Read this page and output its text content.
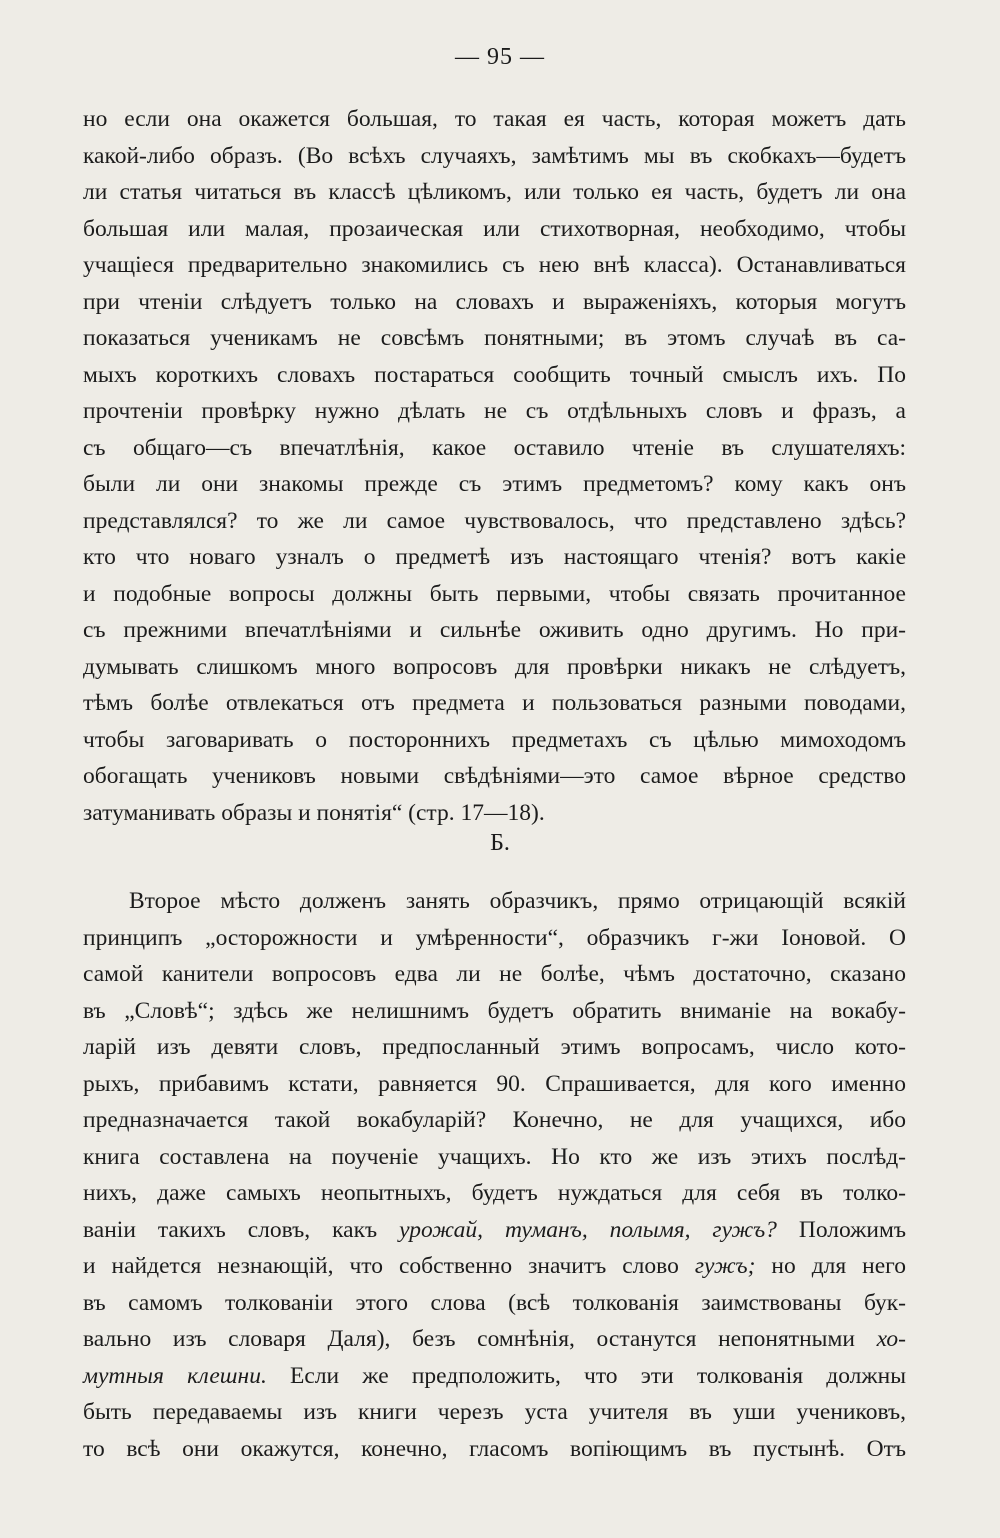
— 95 —
но если она окажется большая, то такая ея часть, которая можетъ дать
какой-либо образъ. (Во всѣхъ случаяхъ, замѣтимъ мы въ скобкахъ—будетъ
ли статья читаться въ классѣ цѣликомъ, или только ея часть, будетъ ли она
большая или малая, прозаическая или стихотворная, необходимо, чтобы
учащіеся предварительно знакомились съ нею внѣ класса). Останавливаться
при чтеніи слѣдуетъ только на словахъ и выраженіяхъ, которыя могутъ
показаться ученикамъ не совсѣмъ понятными; въ этомъ случаѣ въ са-
мыхъ короткихъ словахъ постараться сообщить точный смыслъ ихъ. По
прочтеніи провѣрку нужно дѣлать не съ отдѣльныхъ словъ и фразъ, а
съ общаго—съ впечатлѣнія, какое оставило чтеніе въ слушателяхъ:
были ли они знакомы прежде съ этимъ предметомъ? кому какъ онъ
представлялся? то же ли самое чувствовалось, что представлено здѣсь?
кто что новаго узналъ о предметѣ изъ настоящаго чтенія? вотъ какіе
и подобные вопросы должны быть первыми, чтобы связать прочитанное
съ прежними впечатлѣніями и сильнѣе оживить одно другимъ. Но при-
думывать слишкомъ много вопросовъ для провѣрки никакъ не слѣдуетъ,
тѣмъ болѣе отвлекаться отъ предмета и пользоваться разными поводами,
чтобы заговаривать о постороннихъ предметахъ съ цѣлью мимоходомъ
обогащать учениковъ новыми свѣдѣніями—это самое вѣрное средство
затуманивать образы и понятія“ (стр. 17—18).
Б.
Второе мѣсто долженъ занять образчикъ, прямо отрицающій всякій
принципъ „осторожности и умѣренности“, образчикъ г-жи Іоновой. О
самой канители вопросовъ едва ли не болѣе, чѣмъ достаточно, сказано
въ „Словѣ“; здѣсь же нелишнимъ будетъ обратить вниманіе на вокабу-
ларій изъ девяти словъ, предпосланный этимъ вопросамъ, число кото-
рыхъ, прибавимъ кстати, равняется 90. Спрашивается, для кого именно
предназначается такой вокабуларій? Конечно, не для учащихся, ибо
книга составлена на поученіе учащихъ. Но кто же изъ этихъ послѣд-
нихъ, даже самыхъ неопытныхъ, будетъ нуждаться для себя въ толко-
ваніи такихъ словъ, какъ урожай, туманъ, полымя, гужъ? Положимъ
и найдется незнающій, что собственно значитъ слово гужъ; но для него
въ самомъ толкованіи этого слова (всѣ толкованія заимствованы бук-
вально изъ словаря Даля), безъ сомнѣнія, останутся непонятными хо-
мутныя клешни. Если же предположить, что эти толкованія должны
быть передаваемы изъ книги черезъ уста учителя въ уши учениковъ,
то всѣ они окажутся, конечно, гласомъ вопіющимъ въ пустынѣ. Отъ
